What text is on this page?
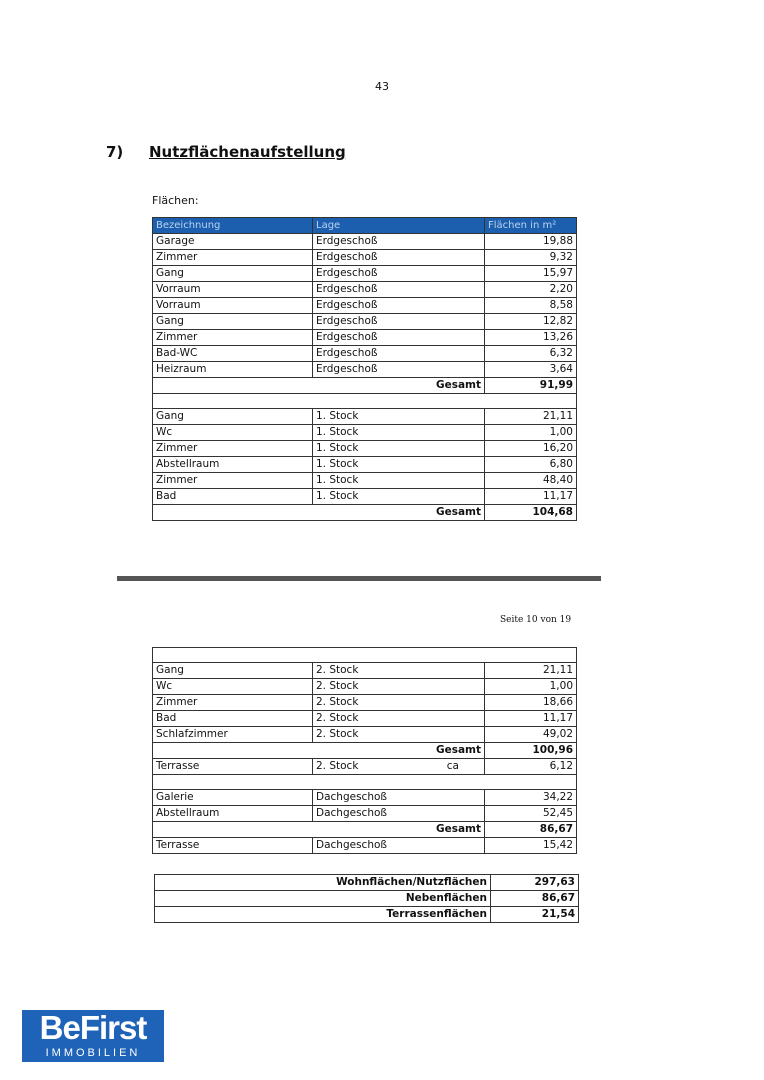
43
7) Nutzflächenaufstellung
Flächen:
Bezeichnung	Lage	Flächen in m²
Garage	Erdgeschoß	19,88
Zimmer	Erdgeschoß	9,32
Gang	Erdgeschoß	15,97
Vorraum	Erdgeschoß	2,20
Vorraum	Erdgeschoß	8,58
Gang	Erdgeschoß	12,82
Zimmer	Erdgeschoß	13,26
Bad-WC	Erdgeschoß	6,32
Heizraum	Erdgeschoß	3,64
Gesamt		91,99

Gang	1. Stock	21,11
Wc	1. Stock	1,00
Zimmer	1. Stock	16,20
Abstellraum	1. Stock	6,80
Zimmer	1. Stock	48,40
Bad	1. Stock	11,17
Gesamt		104,68
Seite 10 von 19

Gang	2. Stock	21,11
Wc	2. Stock	1,00
Zimmer	2. Stock	18,66
Bad	2. Stock	11,17
Schlafzimmer	2. Stock	49,02
Gesamt		100,96
Terrasse	2. Stock ca	6,12

Galerie	Dachgeschoß	34,22
Abstellraum	Dachgeschoß	52,45
Gesamt		86,67
Terrasse	Dachgeschoß	15,42
Wohnflächen/Nutzflächen	297,63
Nebenflächen	86,67
Terrassenflächen	21,54
BeFirst
IMMOBILIEN
